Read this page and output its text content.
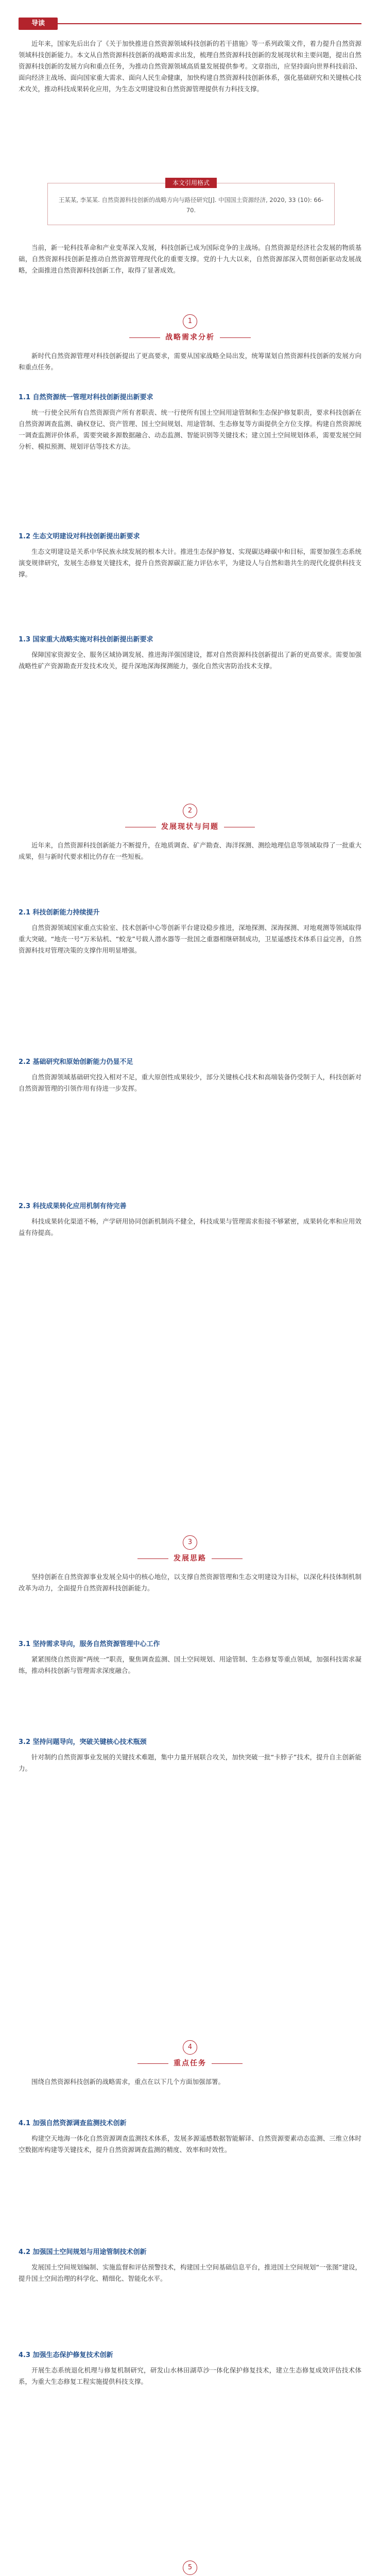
导读

近年来，国家先后出台了《关于加快推进自然资源领域科技创新的若干措施》等一系列政策文件，着力提升自然资源领域科技创新能力。本文从自然资源科技创新的战略需求出发，梳理自然资源科技创新的发展现状和主要问题，提出自然资源科技创新的发展方向和重点任务，为推动自然资源领域高质量发展提供参考。文章指出，应坚持面向世界科技前沿、面向经济主战场、面向国家重大需求、面向人民生命健康，加快构建自然资源科技创新体系，强化基础研究和关键核心技术攻关，推动科技成果转化应用，为生态文明建设和自然资源管理提供有力科技支撑。

本文引用格式
王某某, 李某某. 自然资源科技创新的战略方向与路径研究[J]. 中国国土资源经济, 2020, 33 (10): 66-70.

当前，新一轮科技革命和产业变革深入发展，科技创新已成为国际竞争的主战场。自然资源是经济社会发展的物质基础，自然资源科技创新是推动自然资源管理现代化的重要支撑。党的十九大以来，自然资源部深入贯彻创新驱动发展战略，全面推进自然资源科技创新工作，取得了显著成效。

1
战略需求分析

新时代自然资源管理对科技创新提出了更高要求，需要从国家战略全局出发，统筹谋划自然资源科技创新的发展方向和重点任务。

1.1 自然资源统一管理对科技创新提出新要求

统一行使全民所有自然资源资产所有者职责、统一行使所有国土空间用途管制和生态保护修复职责，要求科技创新在自然资源调查监测、确权登记、资产管理、国土空间规划、用途管制、生态修复等方面提供全方位支撑。构建自然资源统一调查监测评价体系，需要突破多源数据融合、动态监测、智能识别等关键技术；建立国土空间规划体系，需要发展空间分析、模拟预测、规划评估等技术方法。

1.2 生态文明建设对科技创新提出新要求

生态文明建设是关系中华民族永续发展的根本大计。推进生态保护修复、实现碳达峰碳中和目标，需要加强生态系统演变规律研究，发展生态修复关键技术，提升自然资源碳汇能力评估水平，为建设人与自然和谐共生的现代化提供科技支撑。

1.3 国家重大战略实施对科技创新提出新要求

保障国家资源安全、服务区域协调发展、推进海洋强国建设，都对自然资源科技创新提出了新的更高要求。需要加强战略性矿产资源勘查开发技术攻关，提升深地深海探测能力，强化自然灾害防治技术支撑。

2
发展现状与问题

近年来，自然资源科技创新能力不断提升，在地质调查、矿产勘查、海洋探测、测绘地理信息等领域取得了一批重大成果，但与新时代要求相比仍存在一些短板。

2.1 科技创新能力持续提升

自然资源领域国家重点实验室、技术创新中心等创新平台建设稳步推进，深地探测、深海探测、对地观测等领域取得重大突破。“地壳一号”万米钻机、“蛟龙”号载人潜水器等一批国之重器相继研制成功，卫星遥感技术体系日益完善，自然资源科技对管理决策的支撑作用明显增强。

2.2 基础研究和原始创新能力仍显不足

自然资源领域基础研究投入相对不足，重大原创性成果较少，部分关键核心技术和高端装备仍受制于人，科技创新对自然资源管理的引领作用有待进一步发挥。

2.3 科技成果转化应用机制有待完善

科技成果转化渠道不畅，产学研用协同创新机制尚不健全，科技成果与管理需求衔接不够紧密，成果转化率和应用效益有待提高。

3
发展思路

坚持创新在自然资源事业发展全局中的核心地位，以支撑自然资源管理和生态文明建设为目标，以深化科技体制机制改革为动力，全面提升自然资源科技创新能力。

3.1 坚持需求导向，服务自然资源管理中心工作

紧紧围绕自然资源“两统一”职责，聚焦调查监测、国土空间规划、用途管制、生态修复等重点领域，加强科技需求凝练，推动科技创新与管理需求深度融合。

3.2 坚持问题导向，突破关键核心技术瓶颈

针对制约自然资源事业发展的关键技术难题，集中力量开展联合攻关，加快突破一批“卡脖子”技术，提升自主创新能力。

4
重点任务

围绕自然资源科技创新的战略需求，重点在以下几个方面加强部署。

4.1 加强自然资源调查监测技术创新

构建空天地海一体化自然资源调查监测技术体系，发展多源遥感数据智能解译、自然资源要素动态监测、三维立体时空数据库构建等关键技术，提升自然资源调查监测的精度、效率和时效性。

4.2 加强国土空间规划与用途管制技术创新

发展国土空间规划编制、实施监督和评估预警技术，构建国土空间基础信息平台，推进国土空间规划“一张图”建设，提升国土空间治理的科学化、精细化、智能化水平。

4.3 加强生态保护修复技术创新

开展生态系统退化机理与修复机制研究，研发山水林田湖草沙一体化保护修复技术，建立生态修复成效评估技术体系，为重大生态修复工程实施提供科技支撑。

5
